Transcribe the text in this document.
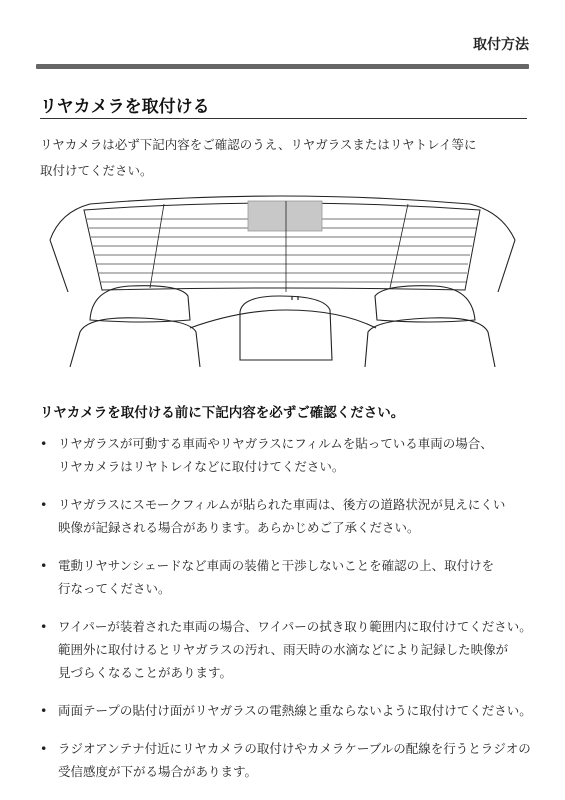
取付方法
リヤカメラを取付ける
リヤカメラは必ず下記内容をご確認のうえ、リヤガラスまたはリヤトレイ等に
取付けてください。
リヤカメラを取付ける前に下記内容を必ずご確認ください。
• リヤガラスが可動する車両やリヤガラスにフィルムを貼っている車両の場合、
リヤカメラはリヤトレイなどに取付けてください。
• リヤガラスにスモークフィルムが貼られた車両は、後方の道路状況が見えにくい
映像が記録される場合があります。あらかじめご了承ください。
• 電動リヤサンシェードなど車両の装備と干渉しないことを確認の上、取付けを
行なってください。
• ワイパーが装着された車両の場合、ワイパーの拭き取り範囲内に取付けてください。
範囲外に取付けるとリヤガラスの汚れ、雨天時の水滴などにより記録した映像が
見づらくなることがあります。
• 両面テープの貼付け面がリヤガラスの電熱線と重ならないように取付けてください。
• ラジオアンテナ付近にリヤカメラの取付けやカメラケーブルの配線を行うとラジオの
受信感度が下がる場合があります。
